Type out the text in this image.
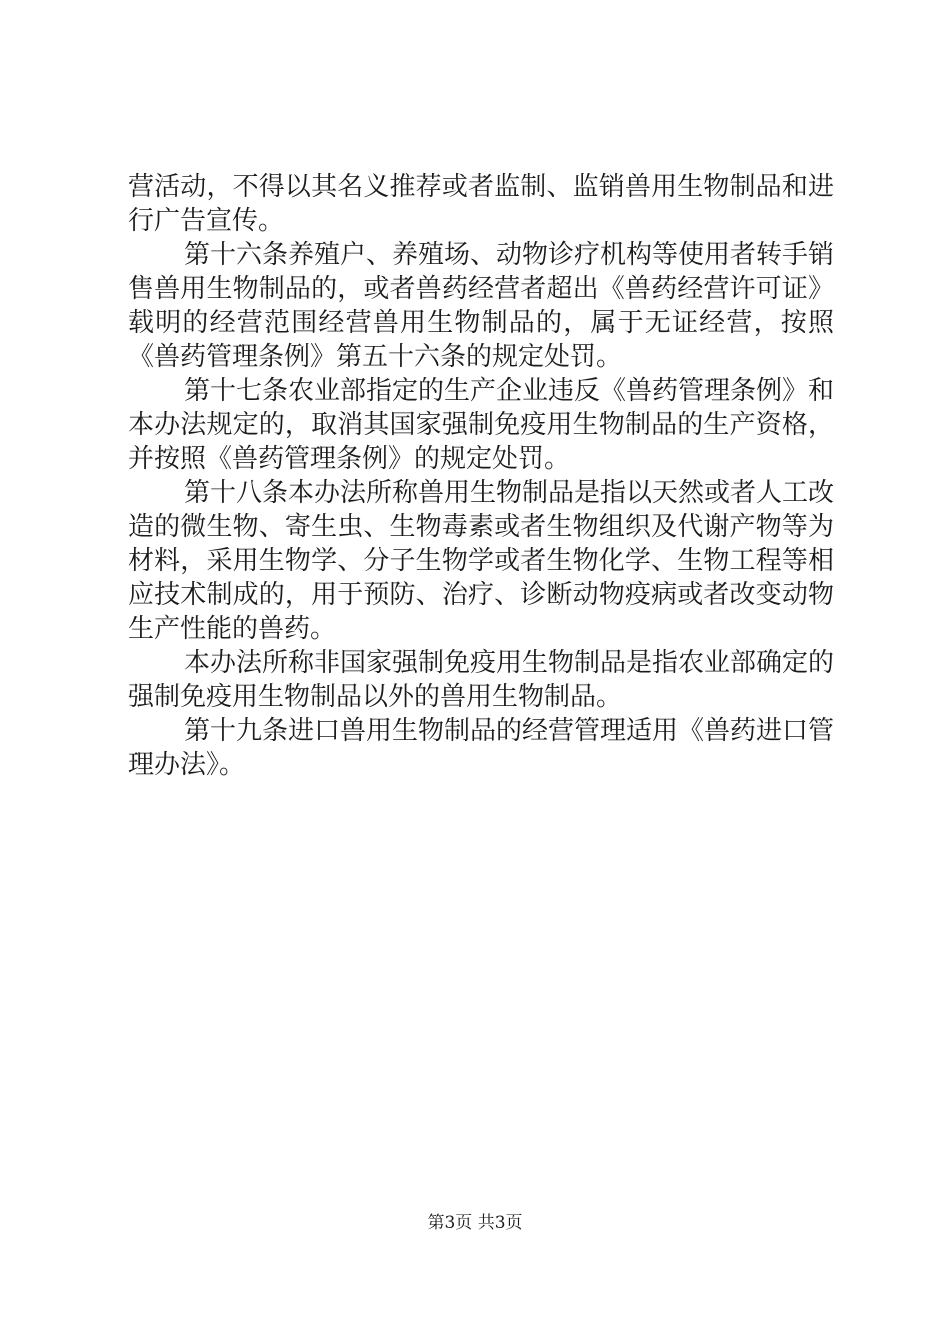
营活动，不得以其名义推荐或者监制、监销兽用生物制品和进
行广告宣传。
第十六条养殖户、养殖场、动物诊疗机构等使用者转手销
售兽用生物制品的，或者兽药经营者超出《兽药经营许可证》
载明的经营范围经营兽用生物制品的，属于无证经营，按照
《兽药管理条例》第五十六条的规定处罚。
第十七条农业部指定的生产企业违反《兽药管理条例》和
本办法规定的，取消其国家强制免疫用生物制品的生产资格，
并按照《兽药管理条例》的规定处罚。
第十八条本办法所称兽用生物制品是指以天然或者人工改
造的微生物、寄生虫、生物毒素或者生物组织及代谢产物等为
材料，采用生物学、分子生物学或者生物化学、生物工程等相
应技术制成的，用于预防、治疗、诊断动物疫病或者改变动物
生产性能的兽药。
本办法所称非国家强制免疫用生物制品是指农业部确定的
强制免疫用生物制品以外的兽用生物制品。
第十九条进口兽用生物制品的经营管理适用《兽药进口管
理办法》。
第3页 共3页
